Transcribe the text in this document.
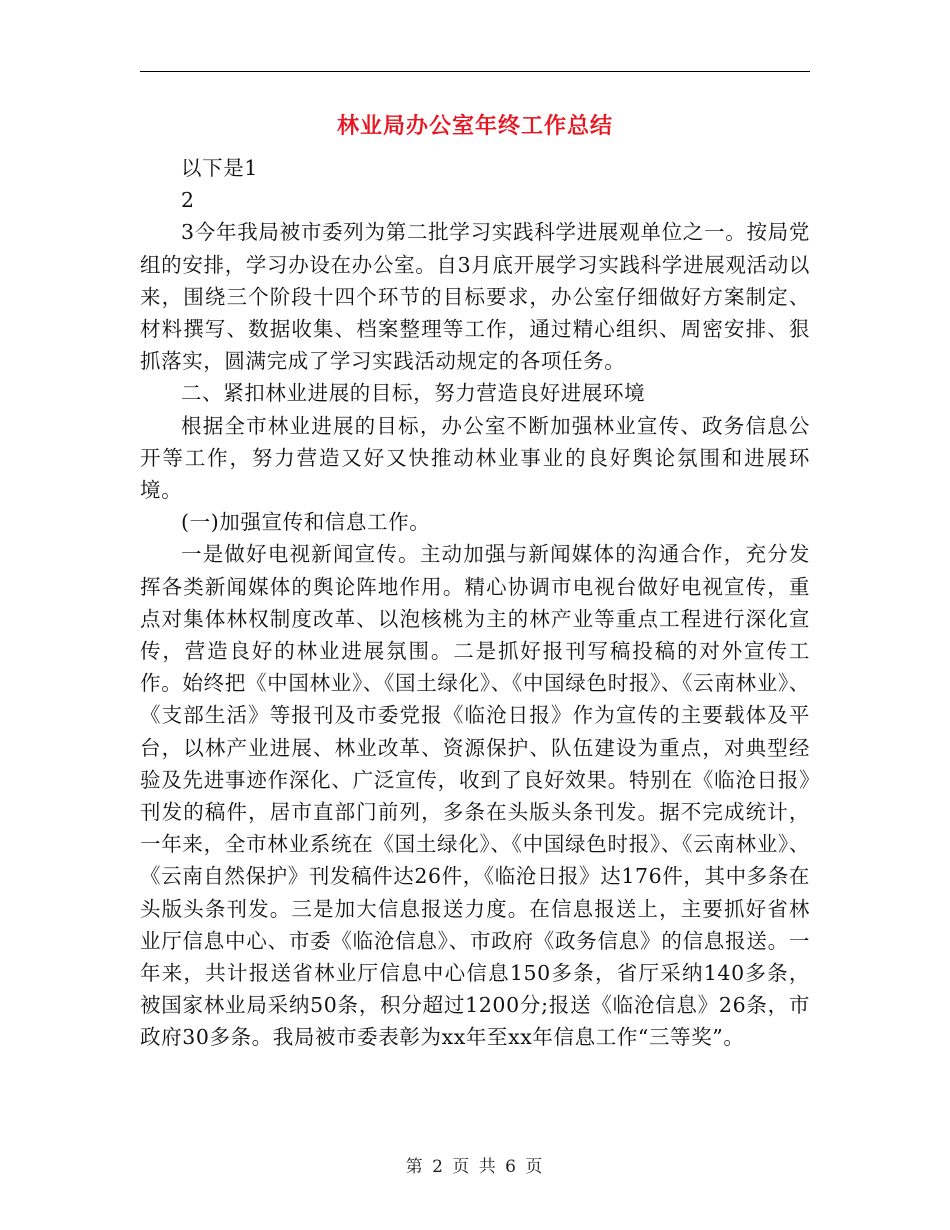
林业局办公室年终工作总结

以下是1

2

3今年我局被市委列为第二批学习实践科学进展观单位之一。按局党组的安排，学习办设在办公室。自3月底开展学习实践科学进展观活动以来，围绕三个阶段十四个环节的目标要求，办公室仔细做好方案制定、材料撰写、数据收集、档案整理等工作，通过精心组织、周密安排、狠抓落实，圆满完成了学习实践活动规定的各项任务。

二、紧扣林业进展的目标，努力营造良好进展环境

根据全市林业进展的目标，办公室不断加强林业宣传、政务信息公开等工作，努力营造又好又快推动林业事业的良好舆论氛围和进展环境。

(一)加强宣传和信息工作。

一是做好电视新闻宣传。主动加强与新闻媒体的沟通合作，充分发挥各类新闻媒体的舆论阵地作用。精心协调市电视台做好电视宣传，重点对集体林权制度改革、以泡核桃为主的林产业等重点工程进行深化宣传，营造良好的林业进展氛围。二是抓好报刊写稿投稿的对外宣传工作。始终把《中国林业》、《国土绿化》、《中国绿色时报》、《云南林业》、《支部生活》等报刊及市委党报《临沧日报》作为宣传的主要载体及平台，以林产业进展、林业改革、资源保护、队伍建设为重点，对典型经验及先进事迹作深化、广泛宣传，收到了良好效果。特别在《临沧日报》刊发的稿件，居市直部门前列，多条在头版头条刊发。据不完成统计，一年来，全市林业系统在《国土绿化》、《中国绿色时报》、《云南林业》、《云南自然保护》刊发稿件达26件，《临沧日报》达176件，其中多条在头版头条刊发。三是加大信息报送力度。在信息报送上，主要抓好省林业厅信息中心、市委《临沧信息》、市政府《政务信息》的信息报送。一年来，共计报送省林业厅信息中心信息150多条，省厅采纳140多条，被国家林业局采纳50条，积分超过1200分;报送《临沧信息》26条，市政府30多条。我局被市委表彰为xx年至xx年信息工作“三等奖”。

第 2 页 共 6 页
